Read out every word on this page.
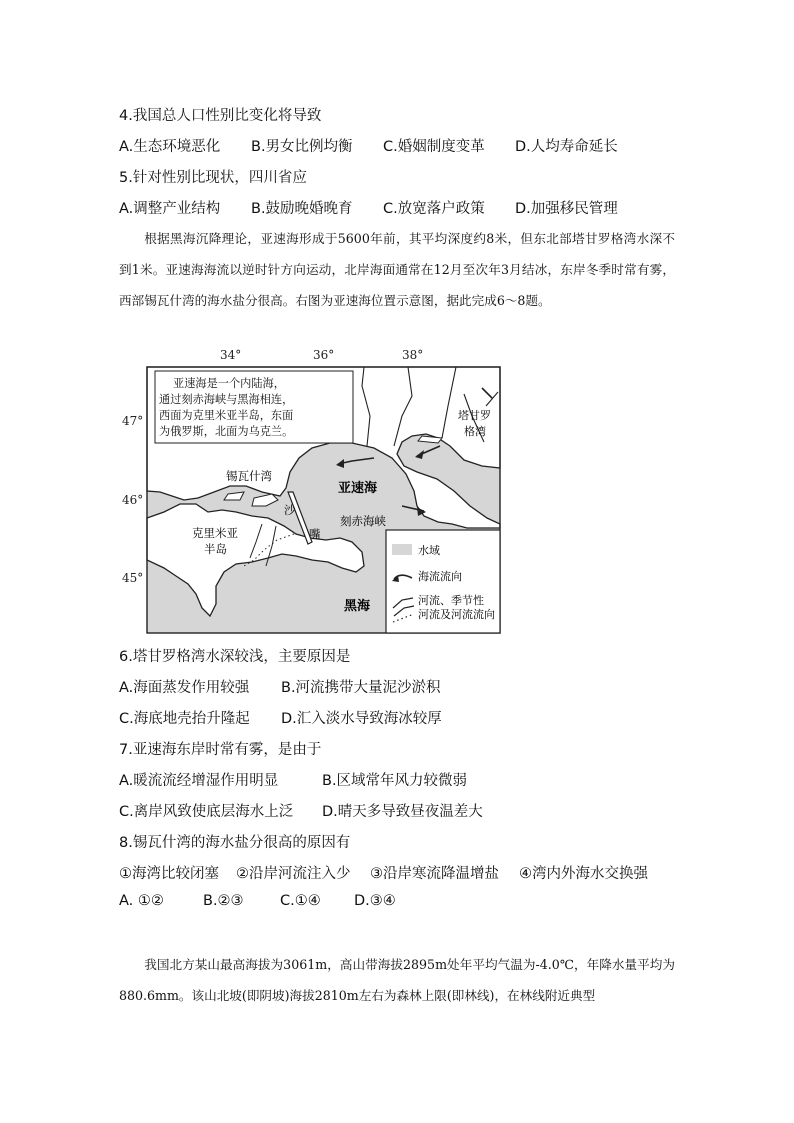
4.我国总人口性别比变化将导致
A.生态环境恶化 B.男女比例均衡 C.婚姻制度变革 D.人均寿命延长
5.针对性别比现状，四川省应
A.调整产业结构 B.鼓励晚婚晚育 C.放宽落户政策 D.加强移民管理

根据黑海沉降理论，亚速海形成于5600年前，其平均深度约8米，但东北部塔甘罗格湾水深不到1米。亚速海海流以逆时针方向运动，北岸海面通常在12月至次年3月结冰，东岸冬季时常有雾，西部锡瓦什湾的海水盐分很高。右图为亚速海位置示意图，据此完成6～8题。

34°	36°	38°
47°
46°
45°
亚速海是一个内陆海，
通过刻赤海峡与黑海相连，
西面为克里米亚半岛，东面
为俄罗斯，北面为乌克兰。
塔甘罗
格湾
锡瓦什湾
亚速海
沙
嘴
刻赤海峡
克里米亚
半岛
黑海
水域
海流流向
河流、季节性
河流及河流流向
6.塔甘罗格湾水深较浅，主要原因是
A.海面蒸发作用较强 B.河流携带大量泥沙淤积
C.海底地壳抬升隆起 D.汇入淡水导致海冰较厚
7.亚速海东岸时常有雾，是由于
A.暖流流经增湿作用明显	B.区域常年风力较微弱
C.离岸风致使底层海水上泛 D.晴天多导致昼夜温差大
8.锡瓦什湾的海水盐分很高的原因有
①海湾比较闭塞 ②沿岸河流注入少 ③沿岸寒流降温增盐 ④湾内外海水交换强
A. ①②	B.②③	C.①④ D.③④

我国北方某山最高海拔为3061m，高山带海拔2895m处年平均气温为-4.0℃，年降水量平均为880.6mm。该山北坡(即阴坡)海拔2810m左右为森林上限(即林线)，在林线附近典型
